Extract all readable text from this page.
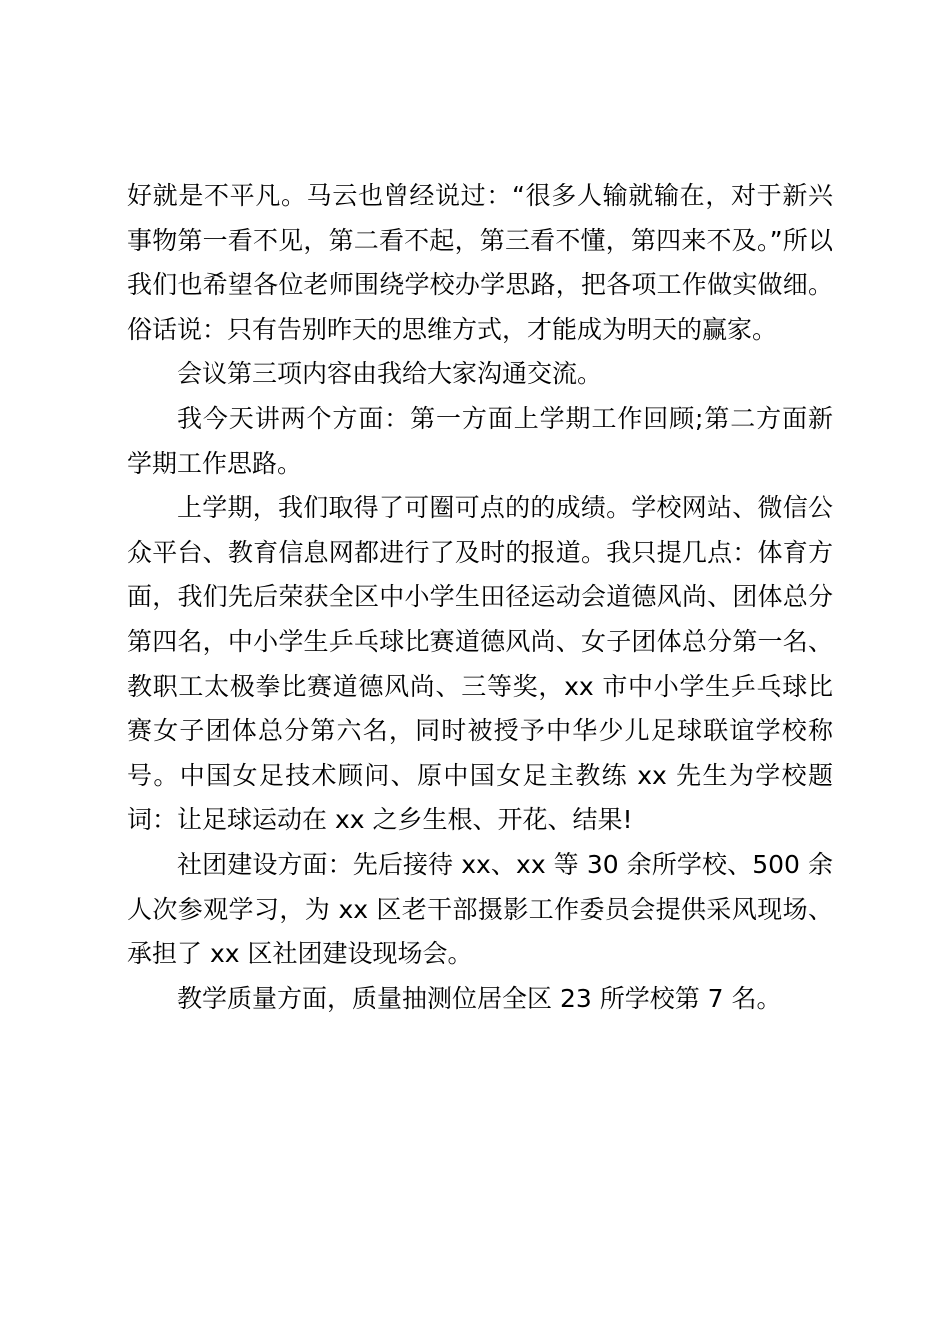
好就是不平凡。马云也曾经说过：“很多人输就输在，对于新兴事物第一看不见，第二看不起，第三看不懂，第四来不及。”所以我们也希望各位老师围绕学校办学思路，把各项工作做实做细。俗话说：只有告别昨天的思维方式，才能成为明天的赢家。

会议第三项内容由我给大家沟通交流。

我今天讲两个方面：第一方面上学期工作回顾;第二方面新学期工作思路。

上学期，我们取得了可圈可点的的成绩。学校网站、微信公众平台、教育信息网都进行了及时的报道。我只提几点：体育方面，我们先后荣获全区中小学生田径运动会道德风尚、团体总分第四名，中小学生乒乓球比赛道德风尚、女子团体总分第一名、教职工太极拳比赛道德风尚、三等奖，xx 市中小学生乒乓球比赛女子团体总分第六名，同时被授予中华少儿足球联谊学校称号。中国女足技术顾问、原中国女足主教练 xx 先生为学校题词：让足球运动在 xx 之乡生根、开花、结果!

社团建设方面：先后接待 xx、xx 等 30 余所学校、500 余人次参观学习，为 xx 区老干部摄影工作委员会提供采风现场、承担了 xx 区社团建设现场会。

教学质量方面，质量抽测位居全区 23 所学校第 7 名。
